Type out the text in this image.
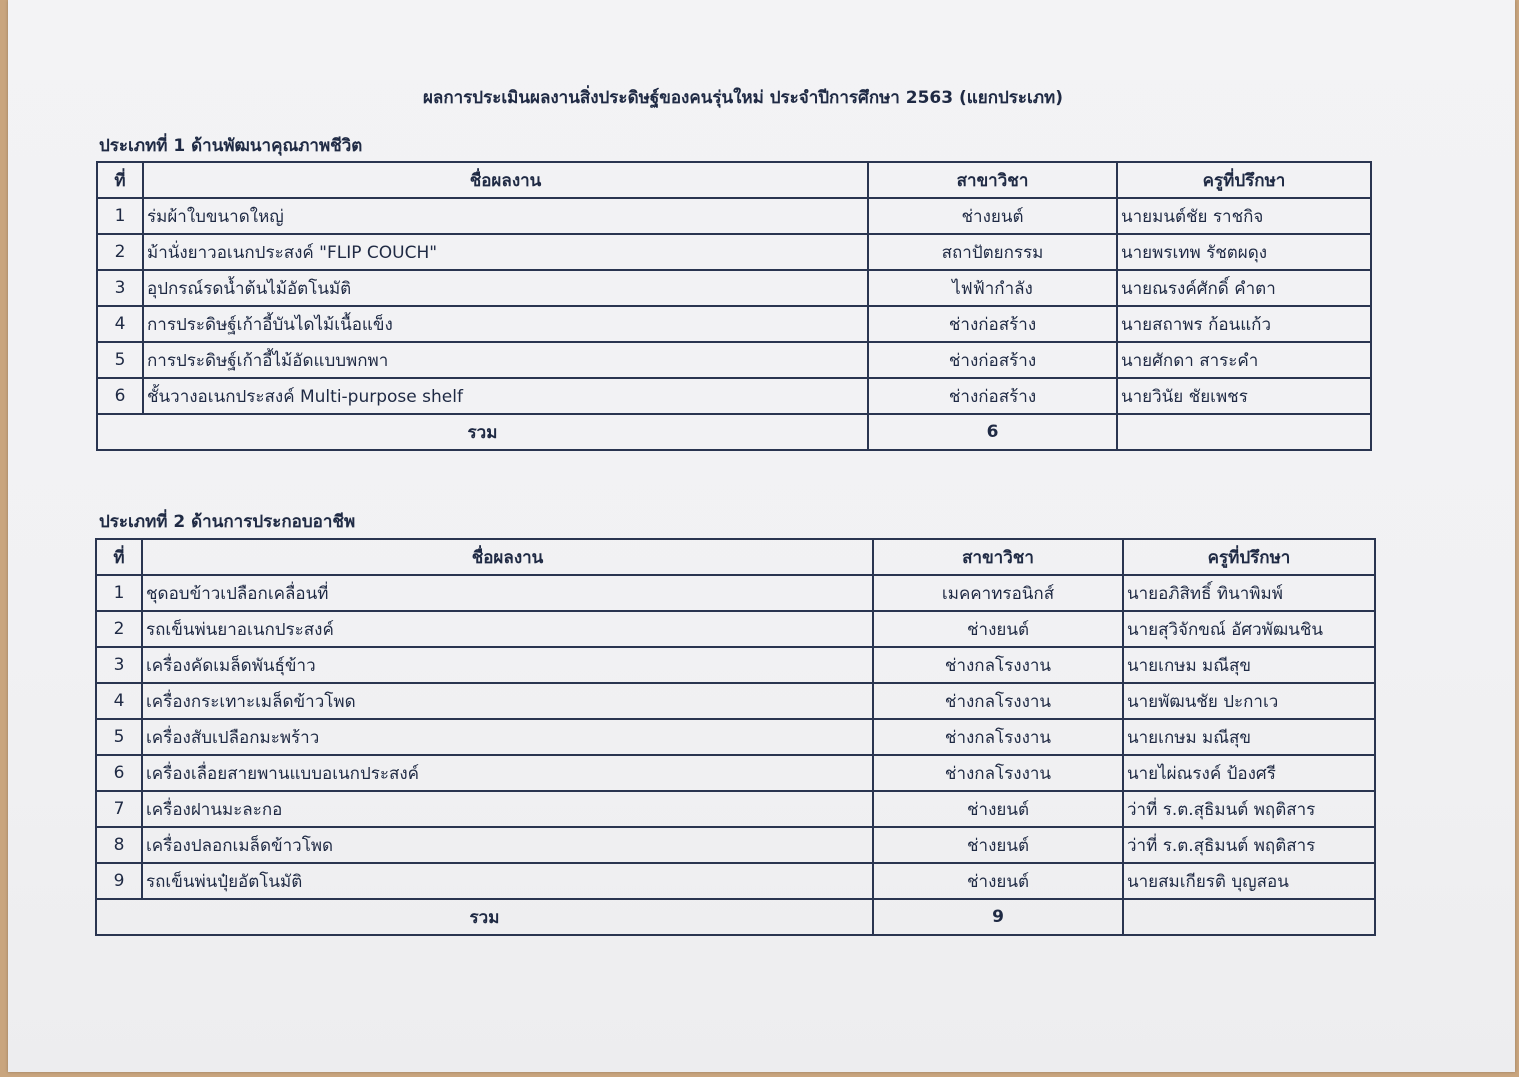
ผลการประเมินผลงานสิ่งประดิษฐ์ของคนรุ่นใหม่ ประจำปีการศึกษา 2563 (แยกประเภท)
ประเภทที่ 1 ด้านพัฒนาคุณภาพชีวิต
ที่	ชื่อผลงาน	สาขาวิชา	ครูที่ปรึกษา
1	ร่มผ้าใบขนาดใหญ่	ช่างยนต์	นายมนต์ชัย ราชกิจ
2	ม้านั่งยาวอเนกประสงค์ "FLIP COUCH"	สถาปัตยกรรม	นายพรเทพ รัชตผดุง
3	อุปกรณ์รดน้ำต้นไม้อัตโนมัติ	ไฟฟ้ากำลัง	นายณรงค์ศักดิ์ คำตา
4	การประดิษฐ์เก้าอี้บันไดไม้เนื้อแข็ง	ช่างก่อสร้าง	นายสถาพร ก้อนแก้ว
5	การประดิษฐ์เก้าอี้ไม้อัดแบบพกพา	ช่างก่อสร้าง	นายศักดา สาระคำ
6	ชั้นวางอเนกประสงค์ Multi-purpose shelf	ช่างก่อสร้าง	นายวินัย ชัยเพชร
รวม		6	
ประเภทที่ 2 ด้านการประกอบอาชีพ
ที่	ชื่อผลงาน	สาขาวิชา	ครูที่ปรึกษา
1	ชุดอบข้าวเปลือกเคลื่อนที่	เมคคาทรอนิกส์	นายอภิสิทธิ์ ทินาพิมพ์
2	รถเข็นพ่นยาอเนกประสงค์	ช่างยนต์	นายสุวิจักขณ์ อัศวพัฒนชิน
3	เครื่องคัดเมล็ดพันธุ์ข้าว	ช่างกลโรงงาน	นายเกษม มณีสุข
4	เครื่องกระเทาะเมล็ดข้าวโพด	ช่างกลโรงงาน	นายพัฒนชัย ปะกาเว
5	เครื่องสับเปลือกมะพร้าว	ช่างกลโรงงาน	นายเกษม มณีสุข
6	เครื่องเลื่อยสายพานแบบอเนกประสงค์	ช่างกลโรงงาน	นายไผ่ณรงค์ ป้องศรี
7	เครื่องฝานมะละกอ	ช่างยนต์	ว่าที่ ร.ต.สุธิมนต์ พฤติสาร
8	เครื่องปลอกเมล็ดข้าวโพด	ช่างยนต์	ว่าที่ ร.ต.สุธิมนต์ พฤติสาร
9	รถเข็นพ่นปุ๋ยอัตโนมัติ	ช่างยนต์	นายสมเกียรติ บุญสอน
รวม		9	
